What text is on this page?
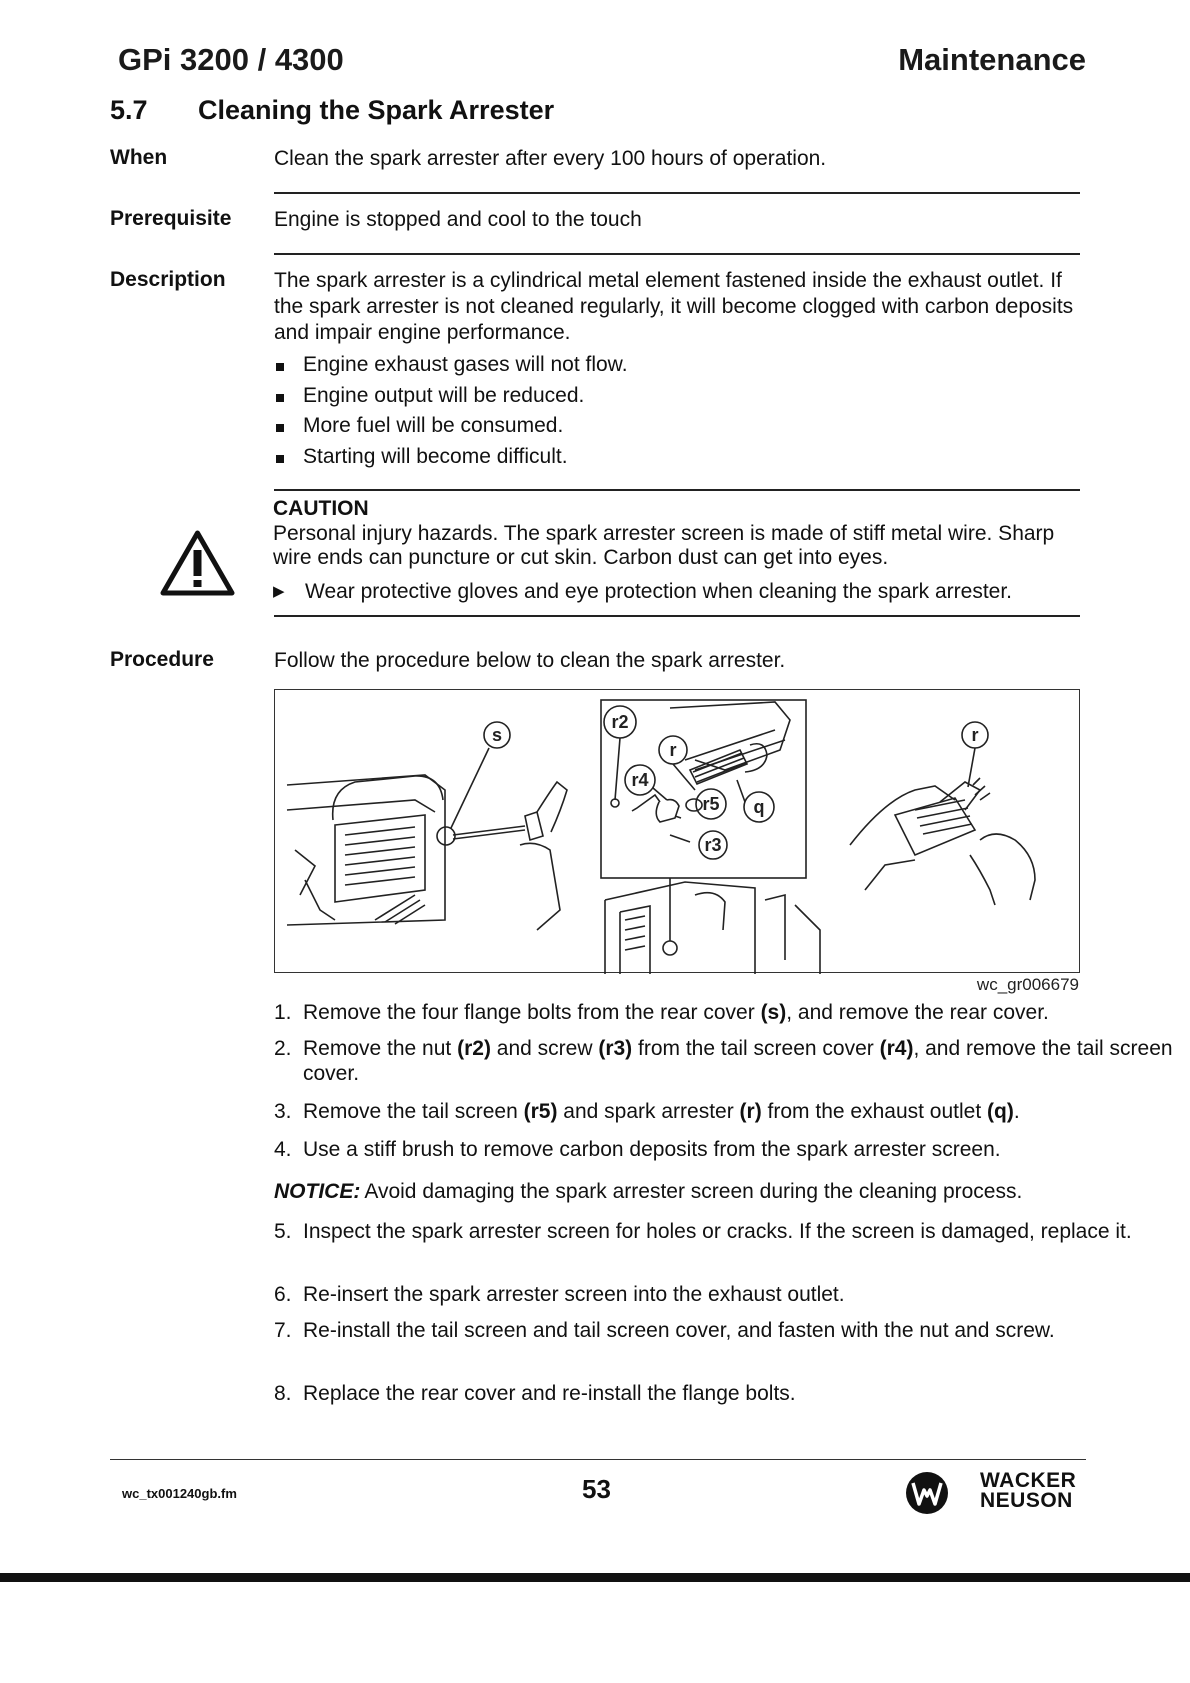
GPi 3200 / 4300	Maintenance
5.7 Cleaning the Spark Arrester
When	Clean the spark arrester after every 100 hours of operation.
Prerequisite Engine is stopped and cool to the touch
Description The spark arrester is a cylindrical metal element fastened inside the exhaust outlet. If the spark arrester is not cleaned regularly, it will become clogged with carbon deposits and impair engine performance.
Engine exhaust gases will not flow.
Engine output will be reduced.
More fuel will be consumed.
Starting will become difficult.
CAUTION
Personal injury hazards. The spark arrester screen is made of stiff metal wire. Sharp wire ends can puncture or cut skin. Carbon dust can get into eyes.
▶ Wear protective gloves and eye protection when cleaning the spark arrester.
Procedure	Follow the procedure below to clean the spark arrester.
s
r2
r
r4
r5 q
r3
r
wc_gr006679
1. Remove the four flange bolts from the rear cover (s), and remove the rear cover.
2. Remove the nut (r2) and screw (r3) from the tail screen cover (r4), and remove the tail screen cover.
3. Remove the tail screen (r5) and spark arrester (r) from the exhaust outlet (q).
4. Use a stiff brush to remove carbon deposits from the spark arrester screen.
NOTICE: Avoid damaging the spark arrester screen during the cleaning process.
5. Inspect the spark arrester screen for holes or cracks. If the screen is damaged, replace it.
6. Re-insert the spark arrester screen into the exhaust outlet.
7. Re-install the tail screen and tail screen cover, and fasten with the nut and screw.
8. Replace the rear cover and re-install the flange bolts.
wc_tx001240gb.fm	53	WACKER
NEUSON
